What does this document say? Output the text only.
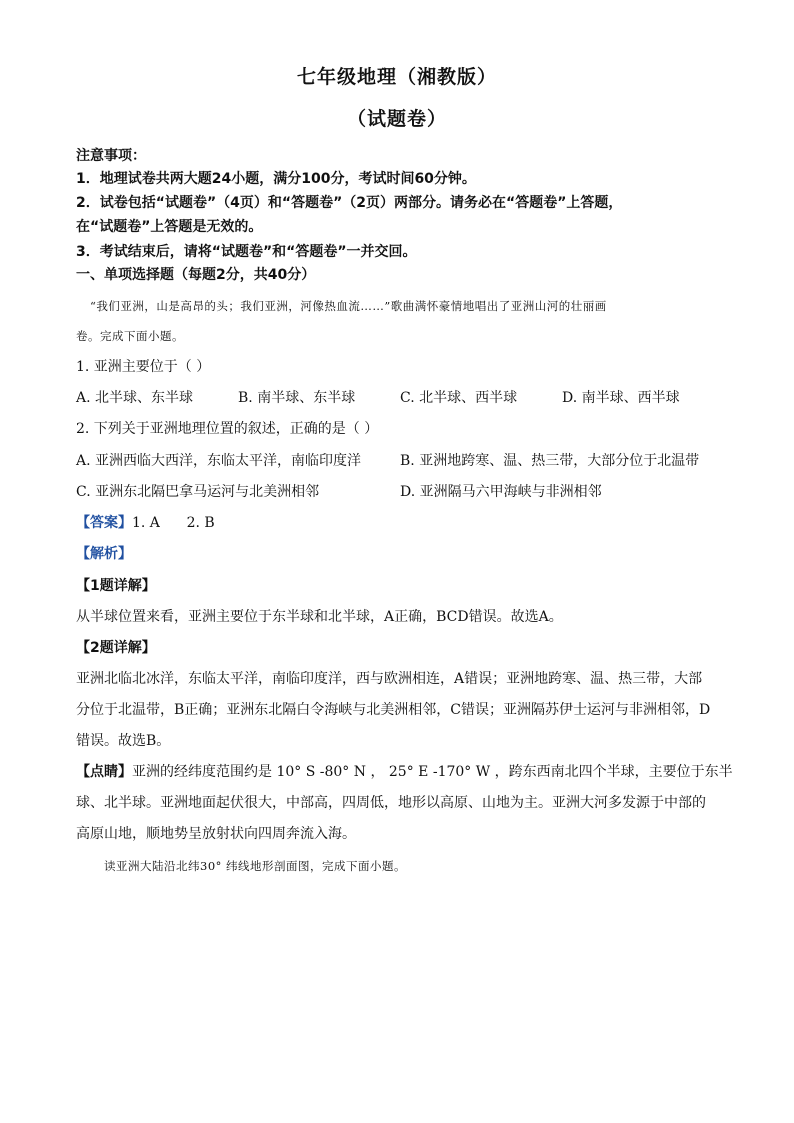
七年级地理（湘教版）
（试题卷）
注意事项：
1．地理试卷共两大题24小题，满分100分，考试时间60分钟。
2．试卷包括“试题卷”（4页）和“答题卷”（2页）两部分。请务必在“答题卷”上答题，
在“试题卷”上答题是无效的。
3．考试结束后，请将“试题卷”和“答题卷”一并交回。
一、单项选择题（每题2分，共40分）
“我们亚洲，山是高昂的头；我们亚洲，河像热血流……”歌曲满怀豪情地唱出了亚洲山河的壮丽画
卷。完成下面小题。
1. 亚洲主要位于（ ）
A. 北半球、东半球	B. 南半球、东半球	C. 北半球、西半球	D. 南半球、西半球
2. 下列关于亚洲地理位置的叙述，正确的是（ ）
A. 亚洲西临大西洋，东临太平洋，南临印度洋	B. 亚洲地跨寒、温、热三带，大部分位于北温带
C. 亚洲东北隔巴拿马运河与北美洲相邻	D. 亚洲隔马六甲海峡与非洲相邻
【答案】1. A      2. B
【解析】
【1题详解】
从半球位置来看，亚洲主要位于东半球和北半球，A正确，BCD错误。故选A。
【2题详解】
亚洲北临北冰洋，东临太平洋，南临印度洋，西与欧洲相连，A错误；亚洲地跨寒、温、热三带，大部
分位于北温带，B正确；亚洲东北隔白令海峡与北美洲相邻，C错误；亚洲隔苏伊士运河与非洲相邻，D
错误。故选B。
【点睛】亚洲的经纬度范围约是 10° S -80° N ， 25° E -170° W ，跨东西南北四个半球，主要位于东半
球、北半球。亚洲地面起伏很大，中部高，四周低，地形以高原、山地为主。亚洲大河多发源于中部的
高原山地，顺地势呈放射状向四周奔流入海。
读亚洲大陆沿北纬30° 纬线地形剖面图，完成下面小题。
